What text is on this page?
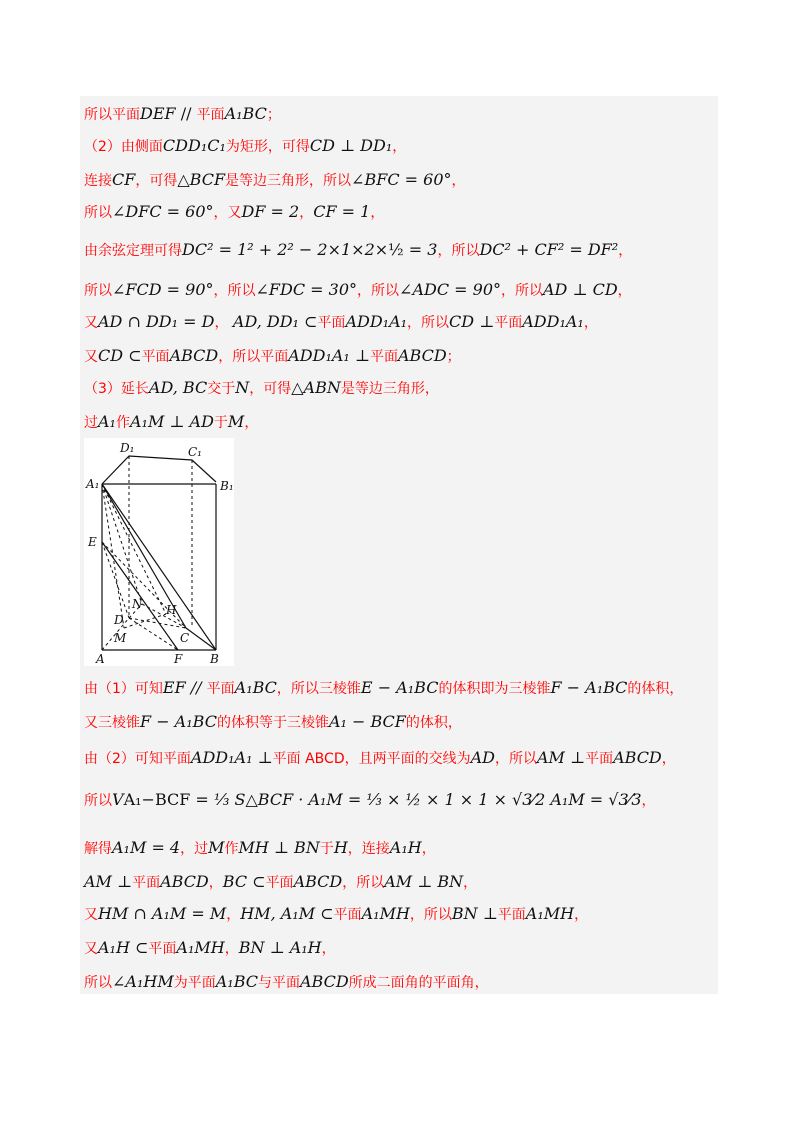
所以平面DEF // 平面A₁BC；
（2）由侧面CDD₁C₁为矩形，可得CD ⊥ DD₁，
连接CF，可得△BCF是等边三角形，所以∠BFC = 60°，
所以∠DFC = 60°，又DF = 2，CF = 1，
由余弦定理可得DC² = 1² + 2² − 2×1×2×½ = 3，所以DC² + CF² = DF²，
所以∠FCD = 90°，所以∠FDC = 30°，所以∠ADC = 90°，所以AD ⊥ CD，
又AD ∩ DD₁ = D， AD, DD₁ ⊂平面ADD₁A₁，所以CD ⊥平面ADD₁A₁，
又CD ⊂平面ABCD，所以平面ADD₁A₁ ⊥平面ABCD；
（3）延长AD, BC交于N，可得△ABN是等边三角形，
过A₁作A₁M ⊥ AD于M，
由（1）可知EF // 平面A₁BC，所以三棱锥E − A₁BC的体积即为三棱锥F − A₁BC的体积，
又三棱锥F − A₁BC的体积等于三棱锥A₁ − BCF的体积，
由（2）可知平面ADD₁A₁ ⊥平面 ABCD，且两平面的交线为AD，所以AM ⊥平面ABCD，
所以VA₁−BCF = ⅓ S△BCF · A₁M = ⅓ × ½ × 1 × 1 × √3⁄2 A₁M = √3⁄3，
解得A₁M = 4，过M作MH ⊥ BN于H，连接A₁H，
AM ⊥平面ABCD，BC ⊂平面ABCD，所以AM ⊥ BN，
又HM ∩ A₁M = M，HM, A₁M ⊂平面A₁MH，所以BN ⊥平面A₁MH，
又A₁H ⊂平面A₁MH，BN ⊥ A₁H，
所以∠A₁HM为平面A₁BC与平面ABCD所成二面角的平面角，
D₁	C₁
A₁	B₁
E
N H
D
M	C
A	F B
